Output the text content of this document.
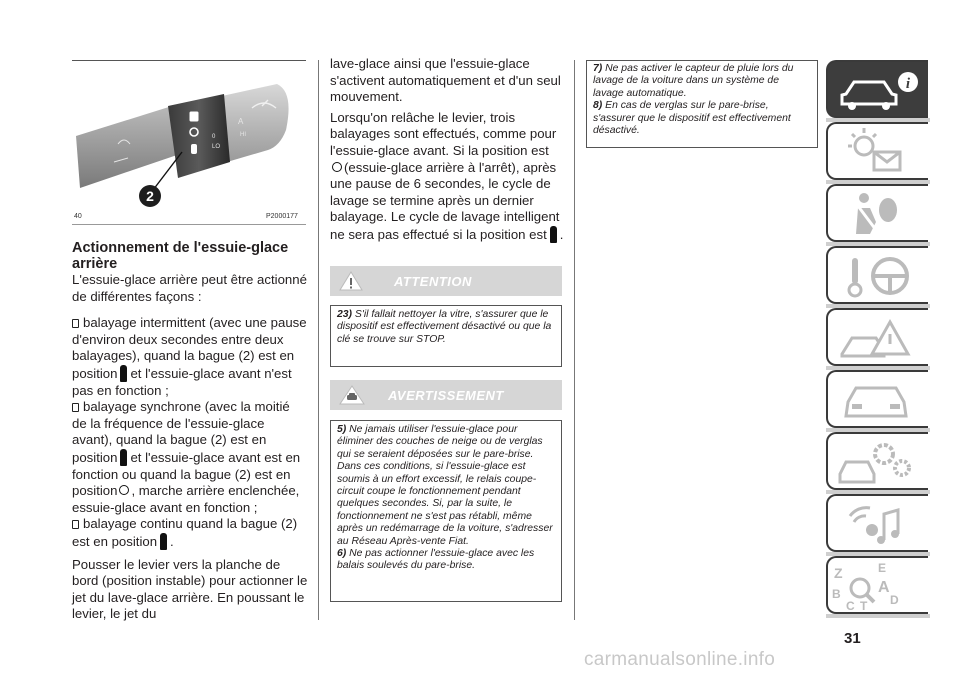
0
LO
HI
A
2
40	P2000177
Actionnement de l'essuie-glace arrière
L'essuie-glace arrière peut être actionné de différentes façons :
balayage intermittent (avec une pause d'environ deux secondes entre deux balayages), quand la bague (2) est en position et l'essuie-glace avant n'est pas en fonction ;
balayage synchrone (avec la moitié de la fréquence de l'essuie-glace avant), quand la bague (2) est en position et l'essuie-glace avant est en fonction ou quand la bague (2) est en position , marche arrière enclenchée, essuie-glace avant en fonction ;
balayage continu quand la bague (2) est en position .
Pousser le levier vers la planche de bord (position instable) pour actionner le jet du lave-glace arrière. En poussant le levier, le jet du
lave-glace ainsi que l'essuie-glace s'activent automatiquement et d'un seul mouvement.
Lorsqu'on relâche le levier, trois balayages sont effectués, comme pour l'essuie-glace avant. Si la position est
(essuie-glace arrière à l'arrêt), après une pause de 6 secondes, le cycle de lavage se termine après un dernier balayage. Le cycle de lavage intelligent ne sera pas effectué si la position est .
ATTENTION

23) S'il fallait nettoyer la vitre, s'assurer que le dispositif est effectivement désactivé ou que la clé se trouve sur STOP.

AVERTISSEMENT

5) Ne jamais utiliser l'essuie-glace pour éliminer des couches de neige ou de verglas qui se seraient déposées sur le pare-brise. Dans ces conditions, si l'essuie-glace est soumis à un effort excessif, le relais coupe-circuit coupe le fonctionnement pendant quelques secondes. Si, par la suite, le fonctionnement ne s'est pas rétabli, même après un redémarrage de la voiture, s'adresser au Réseau Après-vente Fiat.

6) Ne pas actionner l'essuie-glace avec les balais soulevés du pare-brise.

7) Ne pas activer le capteur de pluie lors du lavage de la voiture dans un système de lavage automatique.

8) En cas de verglas sur le pare-brise, s'assurer que le dispositif est effectivement désactivé.

i
Z	E
B A
C T D
31
carmanualsonline.info
